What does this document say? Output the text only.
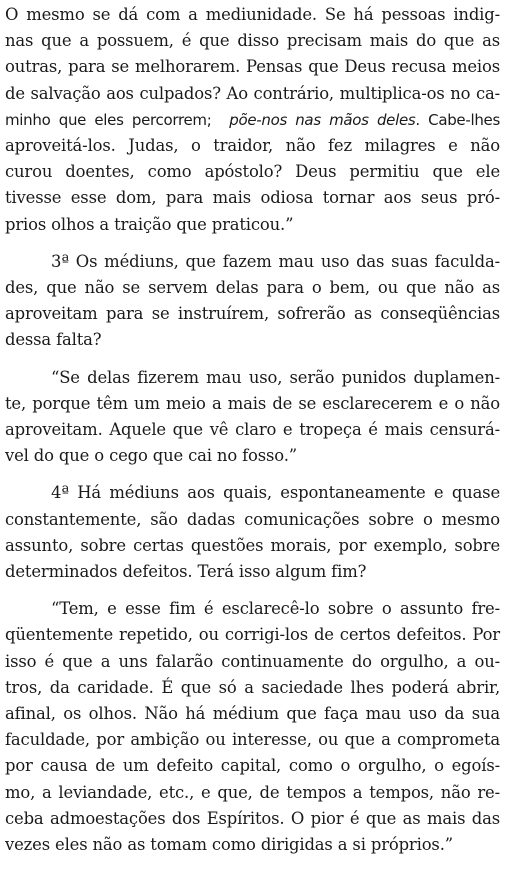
O mesmo se dá com a mediunidade. Se há pessoas indig-
nas que a possuem, é que disso precisam mais do que as
outras, para se melhorarem. Pensas que Deus recusa meios
de salvação aos culpados? Ao contrário, multiplica-os no ca-
minho que eles percorrem; põe-nos nas mãos deles. Cabe-lhes
aproveitá-los. Judas, o traidor, não fez milagres e não
curou doentes, como apóstolo? Deus permitiu que ele
tivesse esse dom, para mais odiosa tornar aos seus pró-
prios olhos a traição que praticou.”
3ª Os médiuns, que fazem mau uso das suas faculda-
des, que não se servem delas para o bem, ou que não as
aproveitam para se instruírem, sofrerão as conseqüências
dessa falta?
“Se delas fizerem mau uso, serão punidos duplamen-
te, porque têm um meio a mais de se esclarecerem e o não
aproveitam. Aquele que vê claro e tropeça é mais censurá-
vel do que o cego que cai no fosso.”
4ª Há médiuns aos quais, espontaneamente e quase
constantemente, são dadas comunicações sobre o mesmo
assunto, sobre certas questões morais, por exemplo, sobre
determinados defeitos. Terá isso algum fim?
“Tem, e esse fim é esclarecê-lo sobre o assunto fre-
qüentemente repetido, ou corrigi-los de certos defeitos. Por
isso é que a uns falarão continuamente do orgulho, a ou-
tros, da caridade. É que só a saciedade lhes poderá abrir,
afinal, os olhos. Não há médium que faça mau uso da sua
faculdade, por ambição ou interesse, ou que a comprometa
por causa de um defeito capital, como o orgulho, o egoís-
mo, a leviandade, etc., e que, de tempos a tempos, não re-
ceba admoestações dos Espíritos. O pior é que as mais das
vezes eles não as tomam como dirigidas a si próprios.”
